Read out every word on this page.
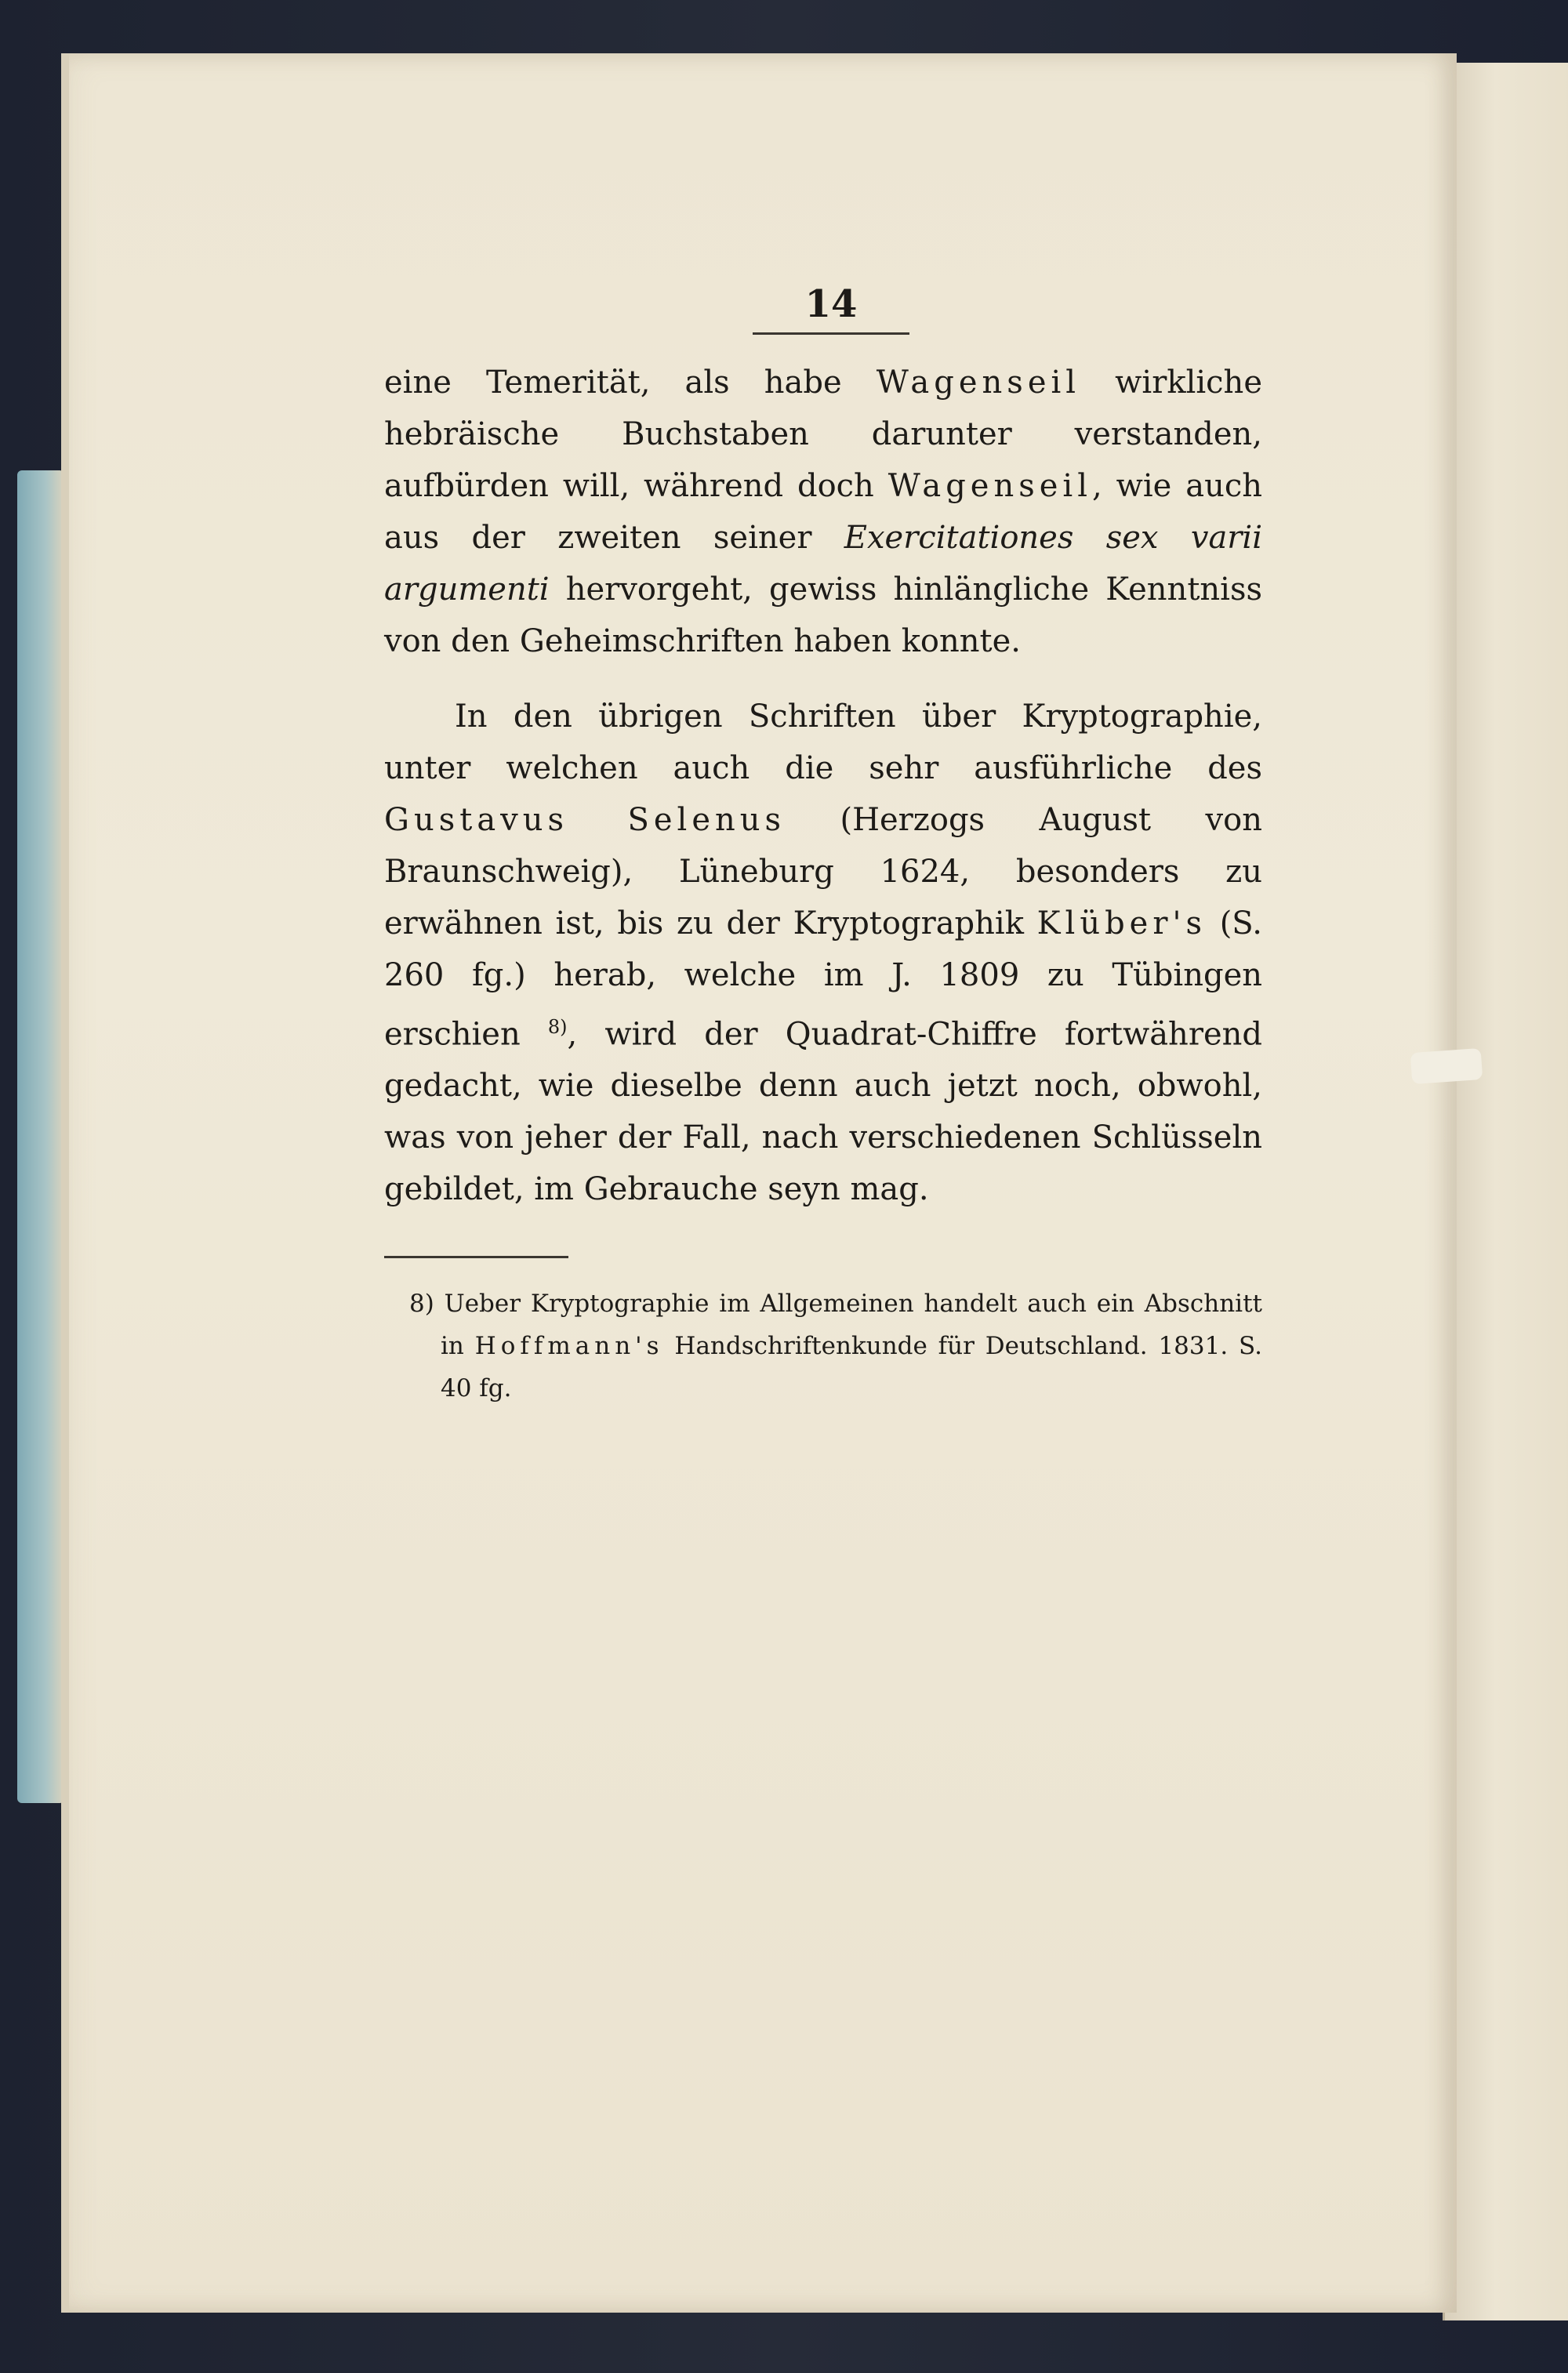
14

eine Temerität, als habe Wagenseil wirkliche hebräische Buchstaben darunter verstanden, aufbürden will, während doch Wagenseil, wie auch aus der zweiten seiner Exercitationes sex varii argumenti hervorgeht, gewiss hinlängliche Kenntniss von den Geheimschriften haben konnte.

In den übrigen Schriften über Kryptographie, unter welchen auch die sehr ausführliche des Gustavus Selenus (Herzogs August von Braunschweig), Lüneburg 1624, besonders zu erwähnen ist, bis zu der Kryptographik Klüber's (S. 260 fg.) herab, welche im J. 1809 zu Tübingen erschien $^{8)}$, wird der Quadrat-Chiffre fortwährend gedacht, wie dieselbe denn auch jetzt noch, obwohl, was von jeher der Fall, nach verschiedenen Schlüsseln gebildet, im Gebrauche seyn mag.

8) Ueber Kryptographie im Allgemeinen handelt auch ein Abschnitt in Hoffmann's Handschriftenkunde für Deutschland. 1831. S. 40 fg.
